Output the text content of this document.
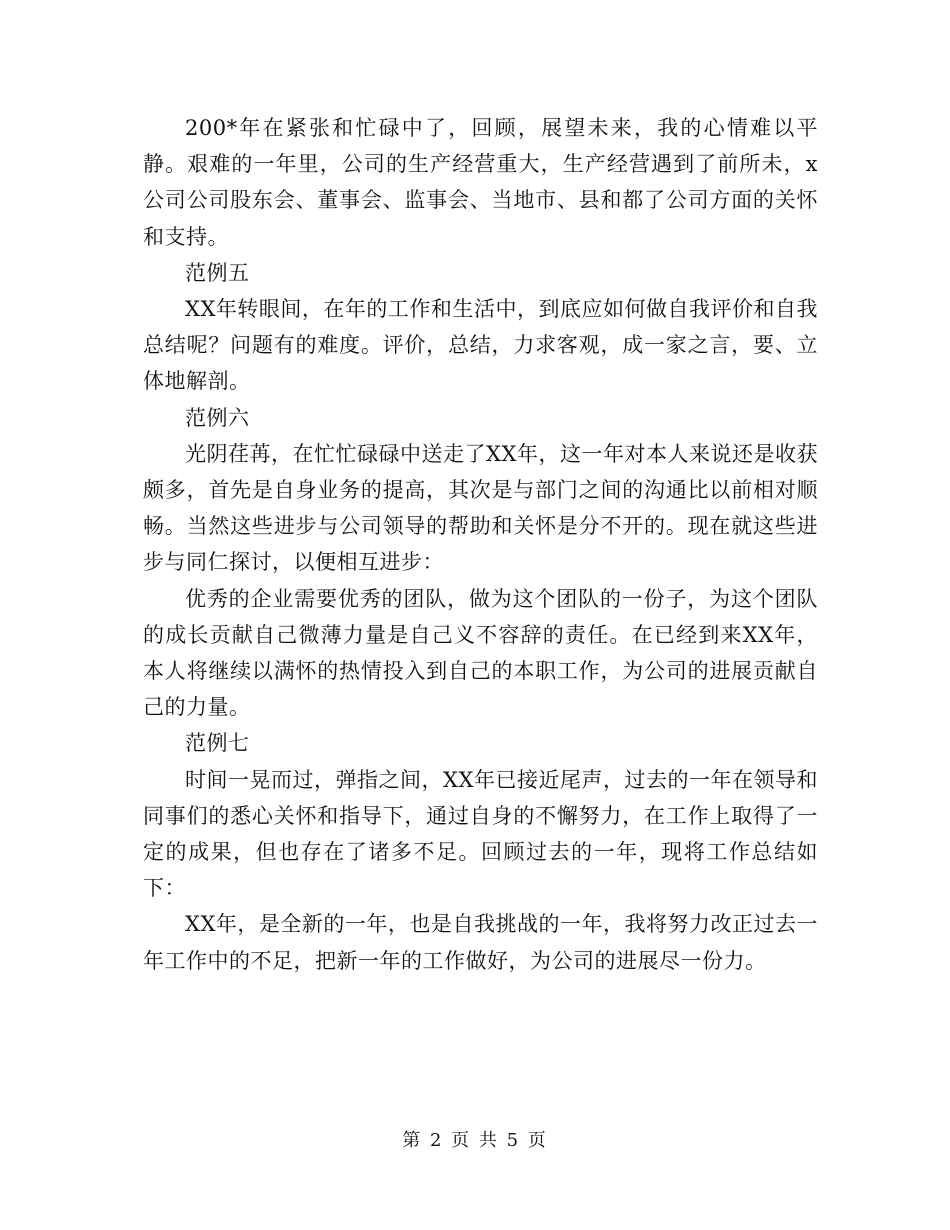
200*年在紧张和忙碌中了，回顾，展望未来，我的心情难以平静。艰难的一年里，公司的生产经营重大，生产经营遇到了前所未，x公司公司股东会、董事会、监事会、当地市、县和都了公司方面的关怀和支持。

范例五

XX年转眼间，在年的工作和生活中，到底应如何做自我评价和自我总结呢？问题有的难度。评价，总结，力求客观，成一家之言，要、立体地解剖。

范例六

光阴荏苒，在忙忙碌碌中送走了XX年，这一年对本人来说还是收获颇多，首先是自身业务的提高，其次是与部门之间的沟通比以前相对顺畅。当然这些进步与公司领导的帮助和关怀是分不开的。现在就这些进步与同仁探讨，以便相互进步：

优秀的企业需要优秀的团队，做为这个团队的一份子，为这个团队的成长贡献自己微薄力量是自己义不容辞的责任。在已经到来XX年，本人将继续以满怀的热情投入到自己的本职工作，为公司的进展贡献自己的力量。

范例七

时间一晃而过，弹指之间，XX年已接近尾声，过去的一年在领导和同事们的悉心关怀和指导下，通过自身的不懈努力，在工作上取得了一定的成果，但也存在了诸多不足。回顾过去的一年，现将工作总结如下：

XX年，是全新的一年，也是自我挑战的一年，我将努力改正过去一年工作中的不足，把新一年的工作做好，为公司的进展尽一份力。

第 2 页 共 5 页
